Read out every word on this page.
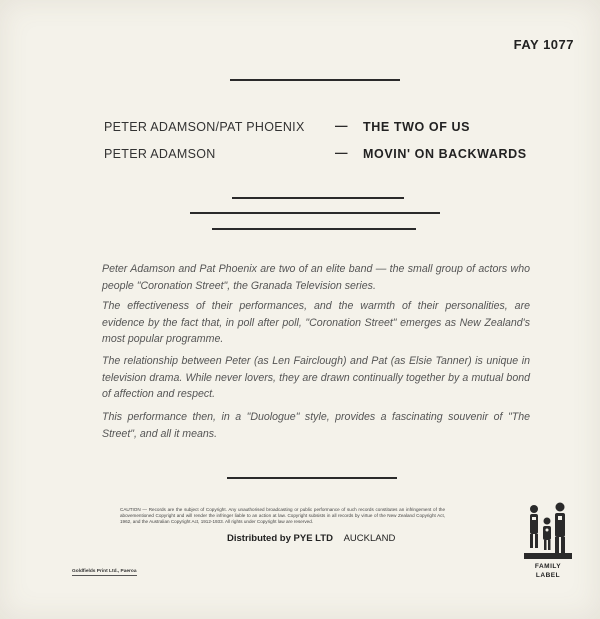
FAY 1077
PETER ADAMSON/PAT PHOENIX — THE TWO OF US
PETER ADAMSON	— MOVIN' ON BACKWARDS

Peter Adamson and Pat Phoenix are two of an elite band — the small group of actors who people "Coronation Street", the Granada Television series.

The effectiveness of their performances, and the warmth of their personalities, are evidence by the fact that, in poll after poll, "Coronation Street" emerges as New Zealand's most popular programme.

The relationship between Peter (as Len Fairclough) and Pat (as Elsie Tanner) is unique in television drama. While never lovers, they are drawn continually together by a mutual bond of affection and respect.

This performance then, in a "Duologue" style, provides a fascinating souvenir of "The Street", and all it means.

CAUTION — Records are the subject of Copyright. Any unauthorised broadcasting or public performance of such records constitutes an infringement of the abovementioned Copyright and will render the infringer liable to an action at law. Copyright subsists in all records by virtue of the New Zealand Copyright Act, 1962, and the Australian Copyright Act, 1912-1933. All rights under Copyright law are reserved.
Distributed by PYE LTD AUCKLAND
Goldfields Print Ltd., Paeroa
FAMILY
LABEL
